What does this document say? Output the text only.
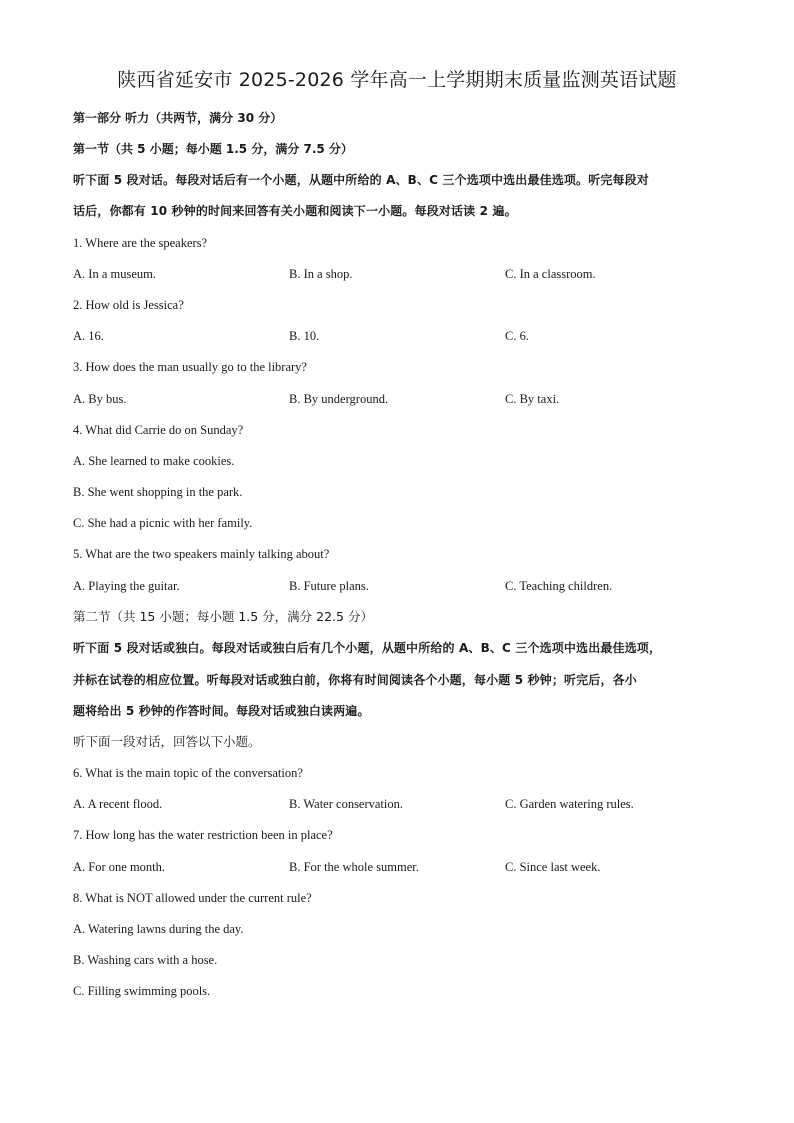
陕西省延安市 2025-2026 学年高一上学期期末质量监测英语试题
第一部分 听力（共两节，满分 30 分）
第一节（共 5 小题；每小题 1.5 分，满分 7.5 分）
听下面 5 段对话。每段对话后有一个小题，从题中所给的 A、B、C 三个选项中选出最佳选项。听完每段对
话后，你都有 10 秒钟的时间来回答有关小题和阅读下一小题。每段对话读 2 遍。
1. Where are the speakers?
A. In a museum.	B. In a shop.	C. In a classroom.
2. How old is Jessica?
A. 16.	B. 10.	C. 6.
3. How does the man usually go to the library?
A. By bus.	B. By underground.	C. By taxi.
4. What did Carrie do on Sunday?
A. She learned to make cookies.
B. She went shopping in the park.
C. She had a picnic with her family.
5. What are the two speakers mainly talking about?
A. Playing the guitar.	B. Future plans.	C. Teaching children.
第二节（共 15 小题；每小题 1.5 分，满分 22.5 分）
听下面 5 段对话或独白。每段对话或独白后有几个小题，从题中所给的 A、B、C 三个选项中选出最佳选项，
并标在试卷的相应位置。听每段对话或独白前，你将有时间阅读各个小题，每小题 5 秒钟；听完后，各小
题将给出 5 秒钟的作答时间。每段对话或独白读两遍。
听下面一段对话，回答以下小题。
6. What is the main topic of the conversation?
A. A recent flood.	B. Water conservation.	C. Garden watering rules.
7. How long has the water restriction been in place?
A. For one month.	B. For the whole summer.	C. Since last week.
8. What is NOT allowed under the current rule?
A. Watering lawns during the day.
B. Washing cars with a hose.
C. Filling swimming pools.
